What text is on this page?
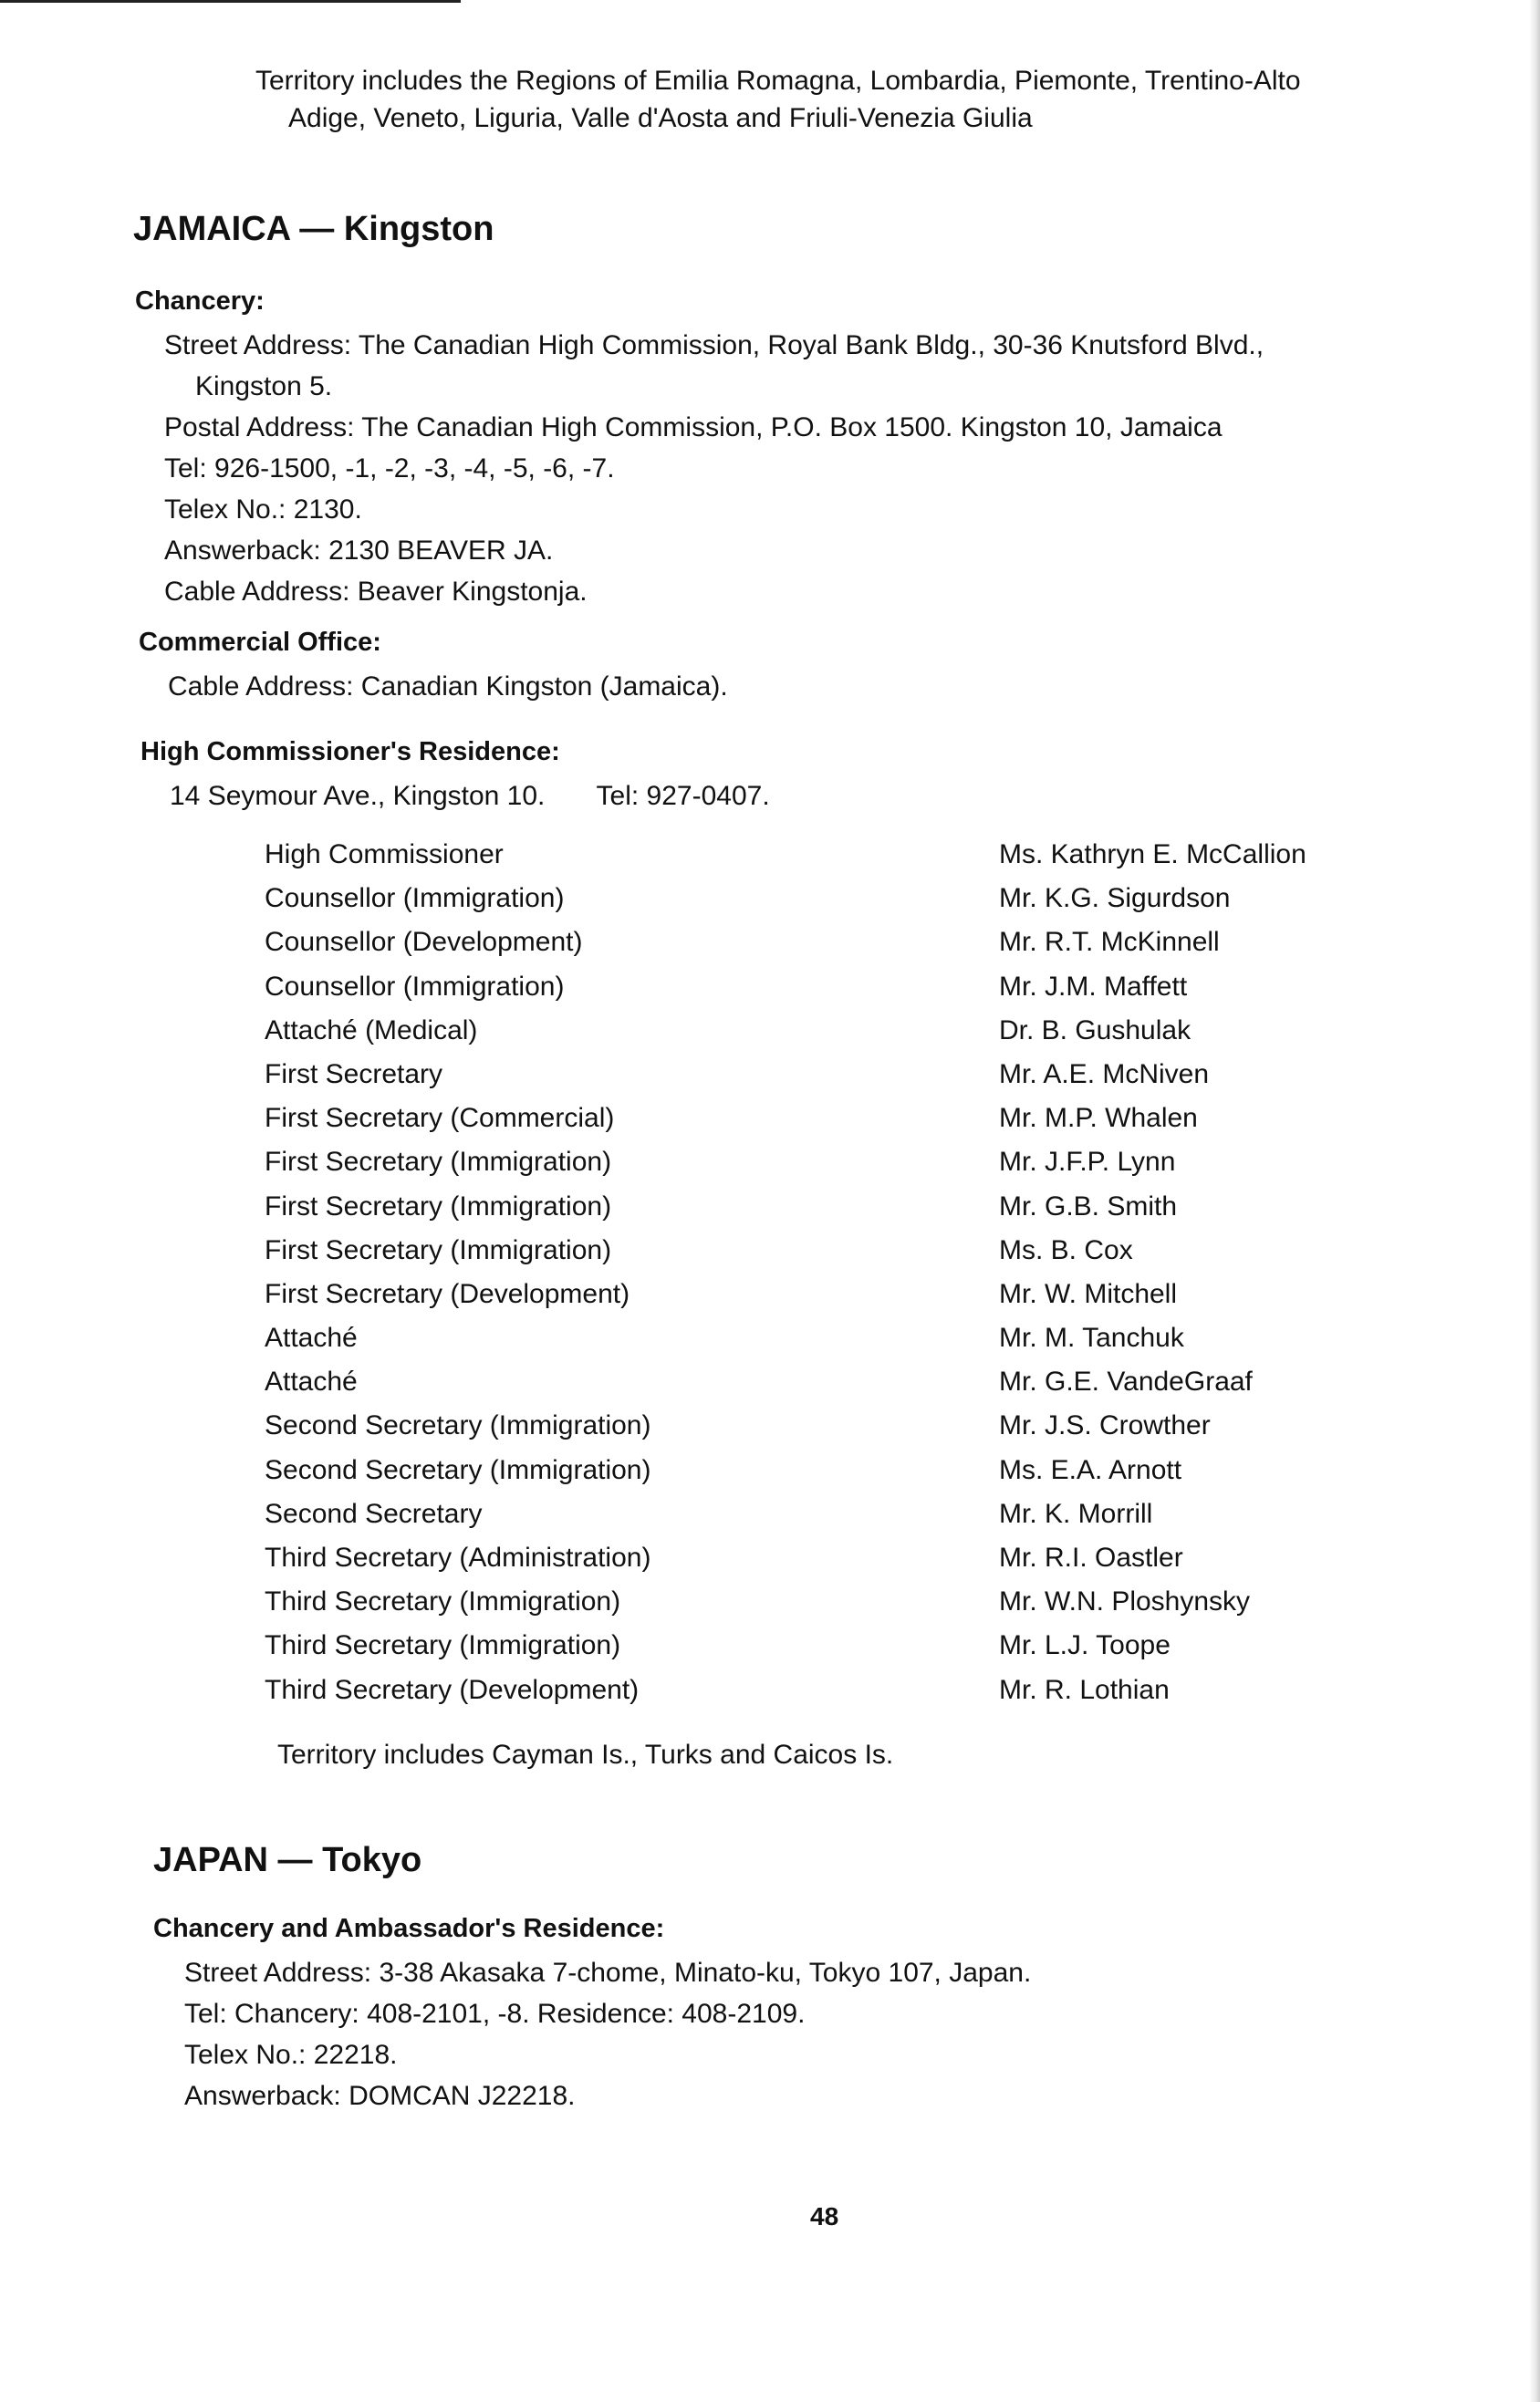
Territory includes the Regions of Emilia Romagna, Lombardia, Piemonte, Trentino-Alto
Adige, Veneto, Liguria, Valle d'Aosta and Friuli-Venezia Giulia
JAMAICA — Kingston
Chancery:
Street Address: The Canadian High Commission, Royal Bank Bldg., 30-36 Knutsford Blvd.,
Kingston 5.
Postal Address: The Canadian High Commission, P.O. Box 1500. Kingston 10, Jamaica
Tel: 926-1500, -1, -2, -3, -4, -5, -6, -7.
Telex No.: 2130.
Answerback: 2130 BEAVER JA.
Cable Address: Beaver Kingstonja.
Commercial Office:
Cable Address: Canadian Kingston (Jamaica).
High Commissioner's Residence:
14 Seymour Ave., Kingston 10. Tel: 927-0407.
High Commissioner	Ms. Kathryn E. McCallion
Counsellor (Immigration)	Mr. K.G. Sigurdson
Counsellor (Development)	Mr. R.T. McKinnell
Counsellor (Immigration)	Mr. J.M. Maffett
Attaché (Medical)	Dr. B. Gushulak
First Secretary	Mr. A.E. McNiven
First Secretary (Commercial)	Mr. M.P. Whalen
First Secretary (Immigration)	Mr. J.F.P. Lynn
First Secretary (Immigration)	Mr. G.B. Smith
First Secretary (Immigration)	Ms. B. Cox
First Secretary (Development)	Mr. W. Mitchell
Attaché	Mr. M. Tanchuk
Attaché	Mr. G.E. VandeGraaf
Second Secretary (Immigration)	Mr. J.S. Crowther
Second Secretary (Immigration)	Ms. E.A. Arnott
Second Secretary	Mr. K. Morrill
Third Secretary (Administration)	Mr. R.I. Oastler
Third Secretary (Immigration)	Mr. W.N. Ploshynsky
Third Secretary (Immigration)	Mr. L.J. Toope
Third Secretary (Development)	Mr. R. Lothian
Territory includes Cayman Is., Turks and Caicos Is.
JAPAN — Tokyo
Chancery and Ambassador's Residence:
Street Address: 3-38 Akasaka 7-chome, Minato-ku, Tokyo 107, Japan.
Tel: Chancery: 408-2101, -8. Residence: 408-2109.
Telex No.: 22218.
Answerback: DOMCAN J22218.
48
